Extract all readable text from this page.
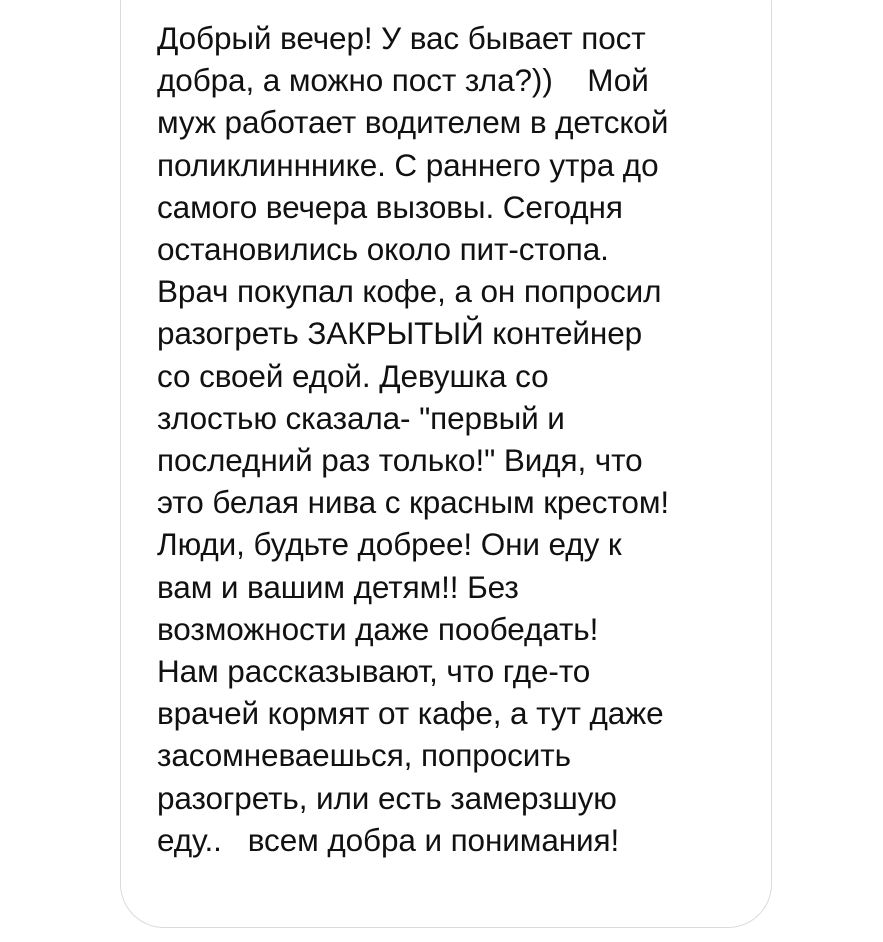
Добрый вечер! У вас бывает пост
добра, а можно пост зла?))    Мой
муж работает водителем в детской
поликлинннике. С раннего утра до
самого вечера вызовы. Сегодня
остановились около пит-стопа.
Врач покупал кофе, а он попросил
разогреть ЗАКРЫТЫЙ контейнер
со своей едой. Девушка со
злостью сказала- "первый и
последний раз только!" Видя, что
это белая нива с красным крестом!
Люди, будьте добрее! Они еду к
вам и вашим детям!! Без
возможности даже пообедать!
Нам рассказывают, что где-то
врачей кормят от кафе, а тут даже
засомневаешься, попросить
разогреть, или есть замерзшую
еду..   всем добра и понимания!
